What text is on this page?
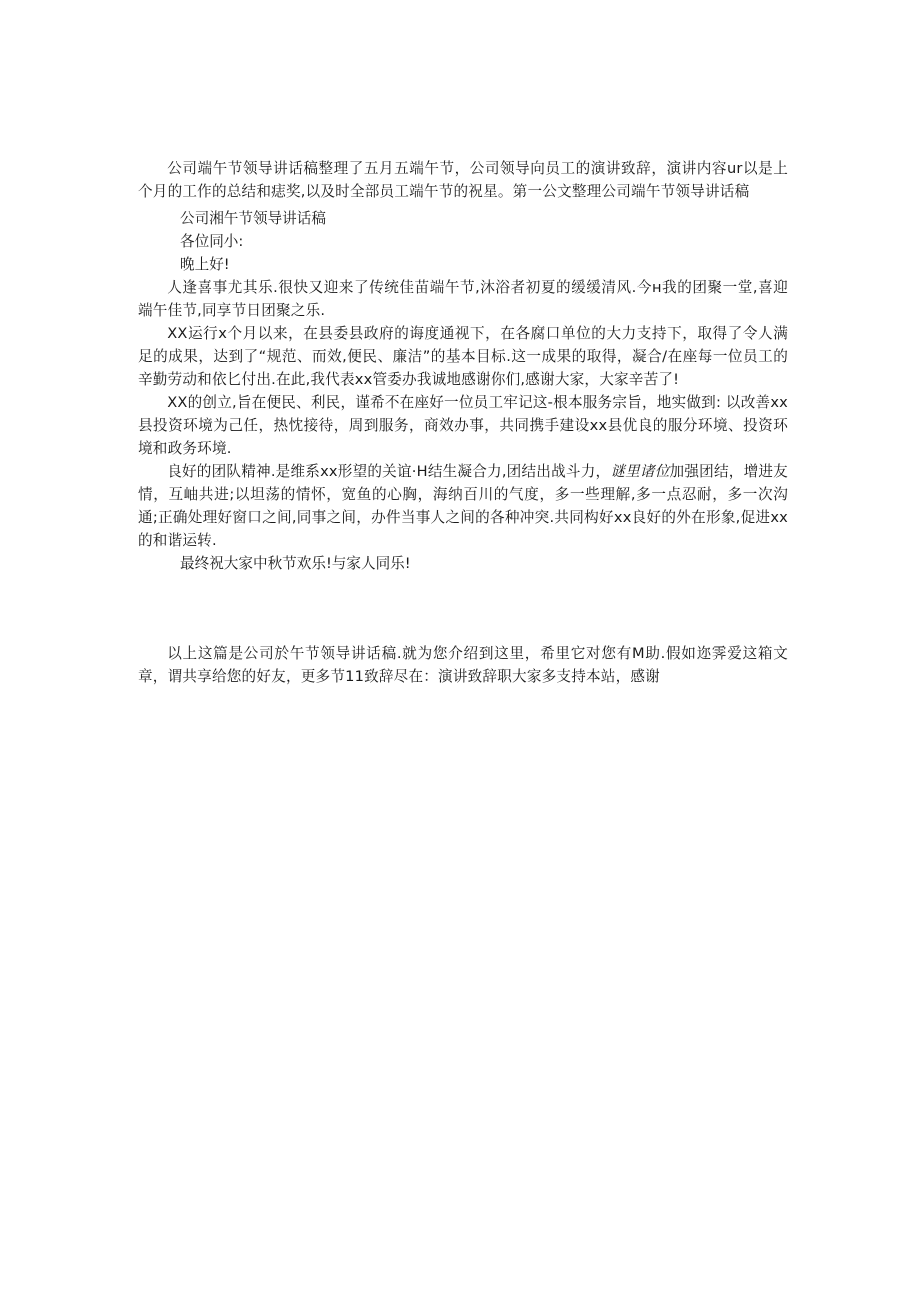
公司端午节领导讲话稿整理了五月五端午节，公司领导向员工的演讲致辞，演讲内容ur以是上个月的工作的总结和痣奖,以及时全部员工端午节的祝星。第一公文整理公司端午节领导讲话稿

公司湘午节领导讲话稿

各位同小:

晚上好!

人逢喜事尤其乐.很快又迎来了传统佳苗端午节,沐浴者初夏的缓缓清风.今н我的团聚一堂,喜迎端午佳节,同享节日团聚之乐.

XX运行x个月以来，在县委县政府的诲度通视下，在各腐口单位的大力支持下，取得了令人满足的成果，达到了“规范、而效,便民、廉洁”的基本目标.这一成果的取得，凝合/在座每一位员工的辛勤劳动和依匕付出.在此,我代表xx管委办我诚地感谢你们,感谢大家，大家辛苦了!

XX的创立,旨在便民、利民，谨希不在座好一位员工牢记这-根本服务宗旨，地实做到: 以改善xx县投资环境为己任，热忱接待，周到服务，商效办事，共同携手建设xx县优良的服分环境、投资环境和政务环境.

良好的团队精神.是维系xx形望的关谊·H结生凝合力,团结出战斗力，谜里诸位加强团结，增进友情，互岫共进;以坦荡的情怀，宽鱼的心胸，海纳百川的气度，多一些理解,多一点忍耐，多一次沟通;正确处理好窗口之间,同事之间，办件当事人之间的各种冲突.共同构好xx良好的外在形象,促进xx的和谐运转.

最终祝大家中秋节欢乐!与家人同乐!

以上这篇是公司於午节领导讲话稿.就为您介绍到这里，希里它对您有M助.假如迩霁爱这箱文章，谓共享给您的好友，更多节11致辞尽在：演讲致辞职大家多支持本站，感谢
